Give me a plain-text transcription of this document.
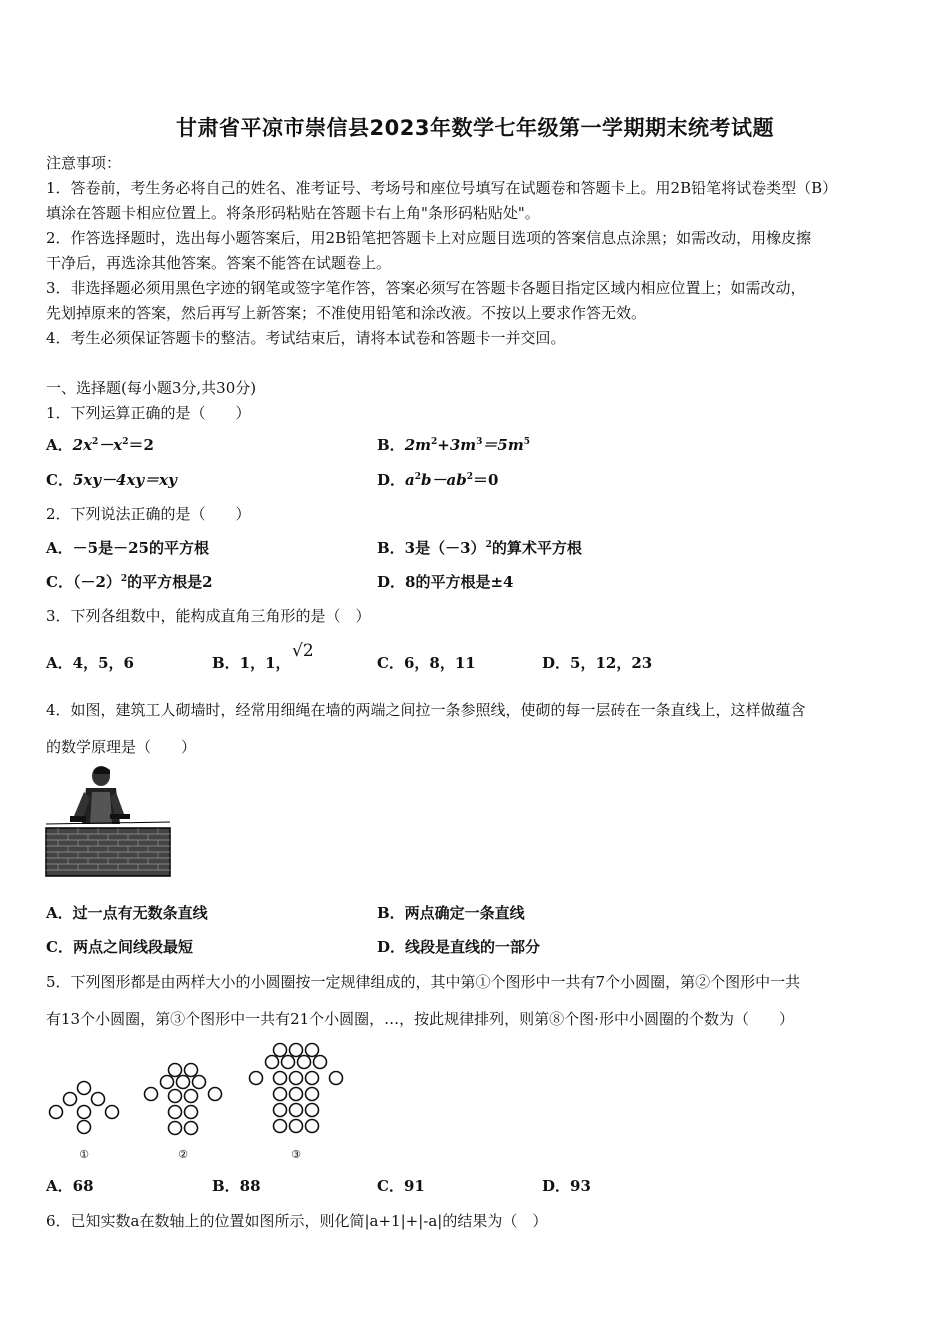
甘肃省平凉市崇信县2023年数学七年级第一学期期末统考试题
注意事项：
1．答卷前，考生务必将自己的姓名、准考证号、考场号和座位号填写在试题卷和答题卡上。用2B铅笔将试卷类型（B）
填涂在答题卡相应位置上。将条形码粘贴在答题卡右上角"条形码粘贴处"。
2．作答选择题时，选出每小题答案后，用2B铅笔把答题卡上对应题目选项的答案信息点涂黑；如需改动，用橡皮擦
干净后，再选涂其他答案。答案不能答在试题卷上。
3．非选择题必须用黑色字迹的钢笔或签字笔作答，答案必须写在答题卡各题目指定区域内相应位置上；如需改动，
先划掉原来的答案，然后再写上新答案；不准使用铅笔和涂改液。不按以上要求作答无效。
4．考生必须保证答题卡的整洁。考试结束后，请将本试卷和答题卡一并交回。
一、选择题(每小题3分,共30分)
1．下列运算正确的是（　　）
A．$2x^2-x^2=2$	B．$2m^2+3m^3=5m^5$
C．5xy－4xy＝xy	D．$a^2b-ab^2=0$
2．下列说法正确的是（　　）
A．－5是－25的平方根	B．3是$(-3)^2$的算术平方根
C．$(-2)^2$的平方根是2	D．8的平方根是±4
3．下列各组数中，能构成直角三角形的是（　）
A．4，5，6	B．1，1，
√2
C．6，8，11	D．5，12，23
4．如图，建筑工人砌墙时，经常用细绳在墙的两端之间拉一条参照线，使砌的每一层砖在一条直线上，这样做蕴含
的数学原理是（　　）
A．过一点有无数条直线	B．两点确定一条直线
C．两点之间线段最短	D．线段是直线的一部分
5．下列图形都是由两样大小的小圆圈按一定规律组成的，其中第①个图形中一共有7个小圆圈，第②个图形中一共
有13个小圆圈，第③个图形中一共有21个小圆圈，…，按此规律排列，则第⑧个图·形中小圆圈的个数为（　　）
①	②	③
A．68	B．88	C．91	D．93
6．已知实数a在数轴上的位置如图所示，则化简|a+1|+|-a|的结果为（　）
